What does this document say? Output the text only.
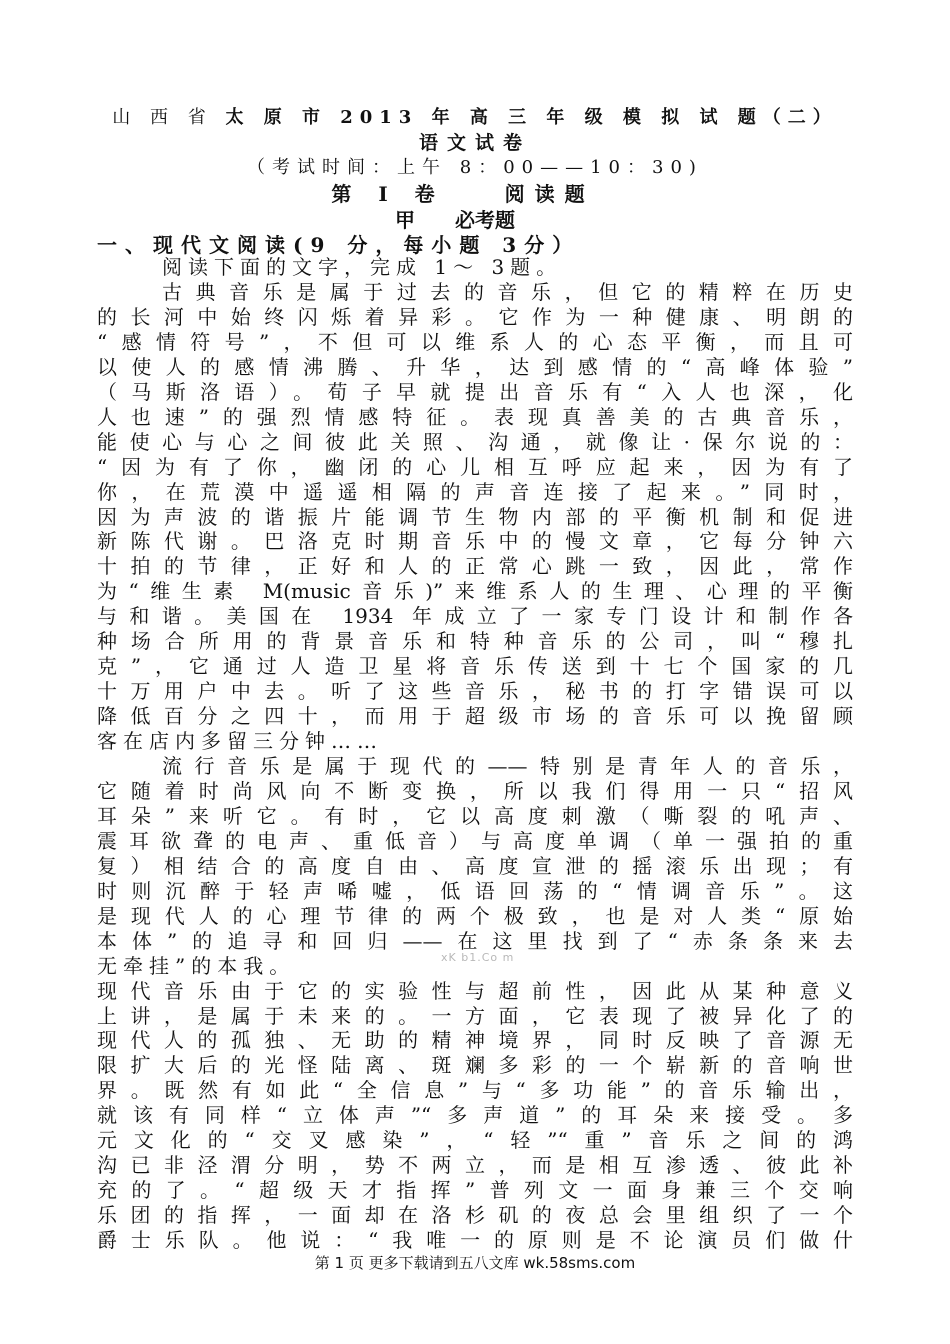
山 西 省 太 原 市 2013 年 高 三 年 级 模 拟 试 题（二）
语文试卷
（考试时间：上午 8：00——10：30)
第 I 卷　　阅读题
甲　　必考题
一、现代文阅读(9 分，每小题 3分）
阅读下面的文字，完成 1～ 3题。
古典音乐是属于过去的音乐，但它的精粹在历史
的长河中始终闪烁着异彩。它作为一种健康、明朗的
“感情符号”，不但可以维系人的心态平衡，而且可
以使人的感情沸腾、升华，达到感情的“高峰体验”
（马斯洛语）。荀子早就提出音乐有“入人也深，化
人也速”的强烈情感特征。表现真善美的古典音乐，
能使心与心之间彼此关照、沟通，就像让·保尔说的：
“因为有了你，幽闭的心儿相互呼应起来，因为有了
你，在荒漠中遥遥相隔的声音连接了起来。”同时，
因为声波的谐振片能调节生物内部的平衡机制和促进
新陈代谢。巴洛克时期音乐中的慢文章，它每分钟六
十拍的节律，正好和人的正常心跳一致，因此，常作
为“维生素 M(music音乐)”来维系人的生理、心理的平衡
与和谐。美国在 1934 年成立了一家专门设计和制作各
种场合所用的背景音乐和特种音乐的公司，叫“穆扎
克”，它通过人造卫星将音乐传送到十七个国家的几
十万用户中去。听了这些音乐，秘书的打字错误可以
降低百分之四十，而用于超级市场的音乐可以挽留顾
客在店内多留三分钟……
流行音乐是属于现代的——特别是青年人的音乐，
它随着时尚风向不断变换，所以我们得用一只“招风
耳朵”来听它。有时，它以高度刺激（嘶裂的吼声、
震耳欲聋的电声、重低音）与高度单调（单一强拍的重
复）相结合的高度自由、高度宣泄的摇滚乐出现；有
时则沉醉于轻声唏嘘，低语回荡的“情调音乐”。这
是现代人的心理节律的两个极致，也是对人类“原始
本体”的追寻和回归——在这里找到了“赤条条来去
无牵挂”的本我。
现代音乐由于它的实验性与超前性，因此从某种意义
上讲，是属于未来的。一方面，它表现了被异化了的
现代人的孤独、无助的精神境界，同时反映了音源无
限扩大后的光怪陆离、斑斓多彩的一个崭新的音响世
界。既然有如此“全信息”与“多功能”的音乐输出，
就该有同样“立体声”“多声道”的耳朵来接受。多
元文化的“交叉感染”，“轻”“重”音乐之间的鸿
沟已非泾渭分明，势不两立，而是相互渗透、彼此补
充的了。“超级天才指挥”普列文一面身兼三个交响
乐团的指挥，一面却在洛杉矶的夜总会里组织了一个
爵士乐队。他说：“我唯一的原则是不论演员们做什
xK b1.Co m
第 1 页 更多下载请到五八文库 wk.58sms.com
